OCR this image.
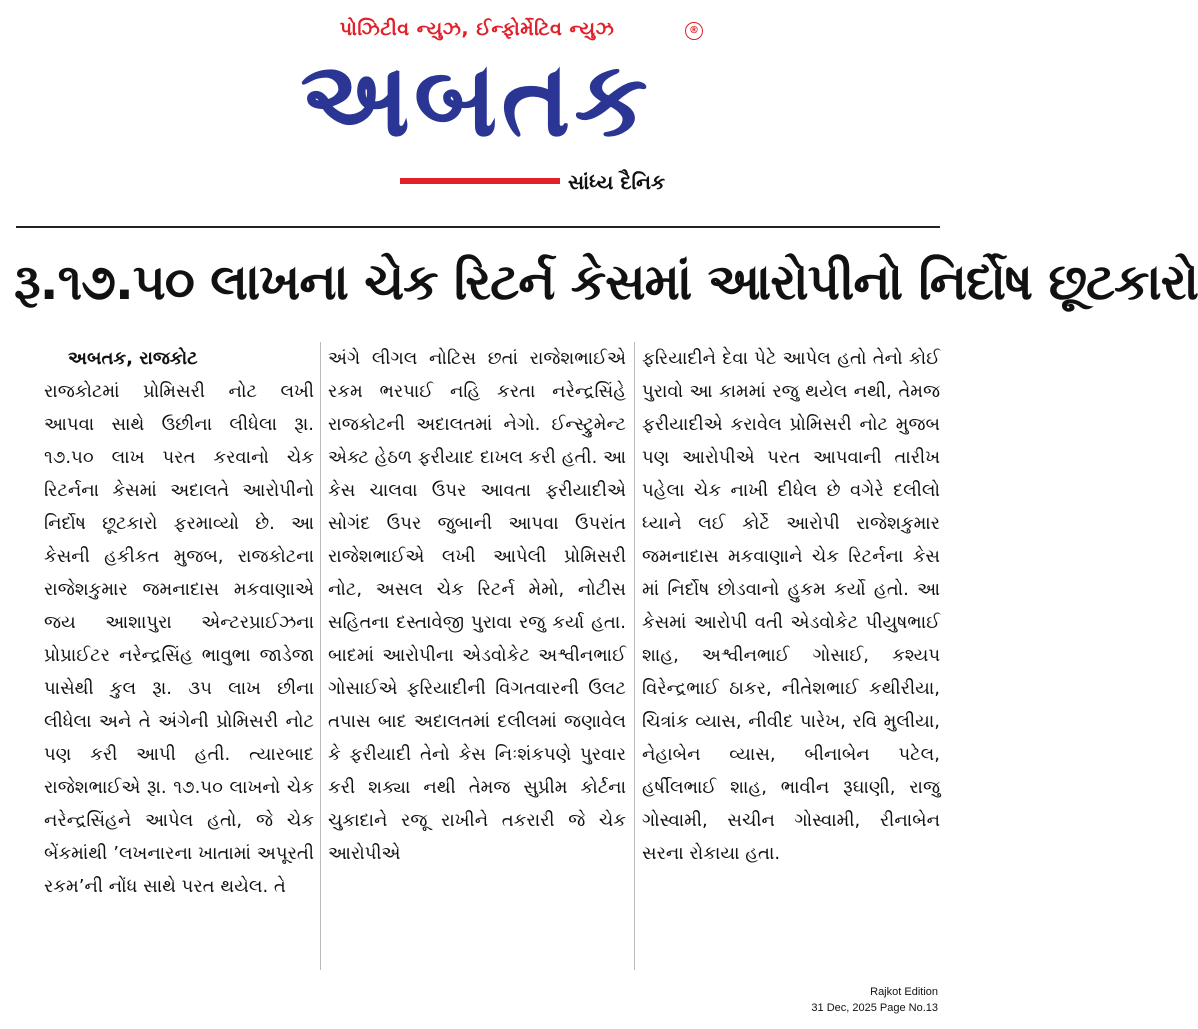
પોઝિટીવ ન્યુઝ, ઈન્ફોર્મેટિવ ન્યુઝ
અબતક
®
સાંધ્ય દૈનિક
રૂ.૧૭.૫૦ લાખના ચેક રિટર્ન કેસમાં આરોપીનો નિર્દોષ છૂટકારો
અબતક, રાજકોટ

રાજકોટમાં પ્રોમિસરી નોટ લખી આપવા સાથે ઉછીના લીધેલા રૂા. ૧૭.૫૦ લાખ પરત કરવાનો ચેક રિટર્નના કેસમાં અદાલતે આરોપીનો નિર્દોષ છૂટકારો ફરમાવ્યો છે. આ કેસની હકીકત મુજબ, રાજકોટના રાજેશકુમાર જમનાદાસ મકવાણાએ જય આશાપુરા એન્ટરપ્રાઈઝના પ્રોપ્રાઈટર નરેન્દ્રસિંહ ભાવુભા જાડેજા પાસેથી કુલ રૂા. ૩૫ લાખ છીના લીધેલા અને તે અંગેની પ્રોમિસરી નોટ પણ કરી આપી હતી. ત્યારબાદ રાજેશભાઈએ રૂા. ૧૭.૫૦ લાખનો ચેક નરેન્દ્રસિંહને આપેલ હતો, જે ચેક બેંકમાંથી ’લખનારના ખાતામાં અપૂરતી રકમ’ની નોંધ સાથે પરત થયેલ. તે

અંગે લીગલ નોટિસ છતાં રાજેશભાઈએ રકમ ભરપાઈ નહિ કરતા નરેન્દ્રસિંહે રાજકોટની અદાલતમાં નેગો. ઈન્સ્ટ્રુમેન્ટ એક્ટ હેઠળ ફરીયાદ દાખલ કરી હતી. આ કેસ ચાલવા ઉપર આવતા ફરીયાદીએ સોગંદ ઉપર જુબાની આપવા ઉપરાંત રાજેશભાઈએ લખી આપેલી પ્રોમિસરી નોટ, અસલ ચેક રિટર્ન મેમો, નોટીસ સહિતના દસ્તાવેજી પુરાવા રજુ કર્યા હતા. બાદમાં આરોપીના એડવોકેટ અશ્વીનભાઈ ગોસાઈએ ફરિયાદીની વિગતવારની ઉલટ તપાસ બાદ અદાલતમાં દલીલમાં જણાવેલ કે ફરીયાદી તેનો કેસ નિઃશંકપણે પુરવાર કરી શક્યા નથી તેમજ સુપ્રીમ કોર્ટના ચુકાદાને રજૂ રાખીને તકરારી જે ચેક આરોપીએ

ફરિયાદીને દેવા પેટે આપેલ હતો તેનો કોઈ પુરાવો આ કામમાં રજુ થયેલ નથી, તેમજ ફરીયાદીએ કરાવેલ પ્રોમિસરી નોટ મુજબ પણ આરોપીએ પરત આપવાની તારીખ પહેલા ચેક નાખી દીધેલ છે વગેરે દલીલો ધ્યાને લઈ કોર્ટે આરોપી રાજેશકુમાર જમનાદાસ મકવાણાને ચેક રિટર્નના કેસ માં નિર્દોષ છોડવાનો હુકમ કર્યો હતો. આ કેસમાં આરોપી વતી એડવોકેટ પીયુષભાઈ શાહ, અશ્વીનભાઈ ગોસાઈ, કશ્યપ વિરેન્દ્રભાઈ ઠાકર, નીતેશભાઈ કથીરીયા, ચિત્રાંક વ્યાસ, નીવીદ પારેખ, રવિ મુલીયા, નેહાબેન વ્યાસ, બીનાબેન પટેલ, હર્ષીલભાઈ શાહ, ભાવીન રૂઘાણી, રાજુ ગોસ્વામી, સચીન ગોસ્વામી, રીનાબેન સરના રોકાયા હતા.

Rajkot Edition
31 Dec, 2025 Page No.13
